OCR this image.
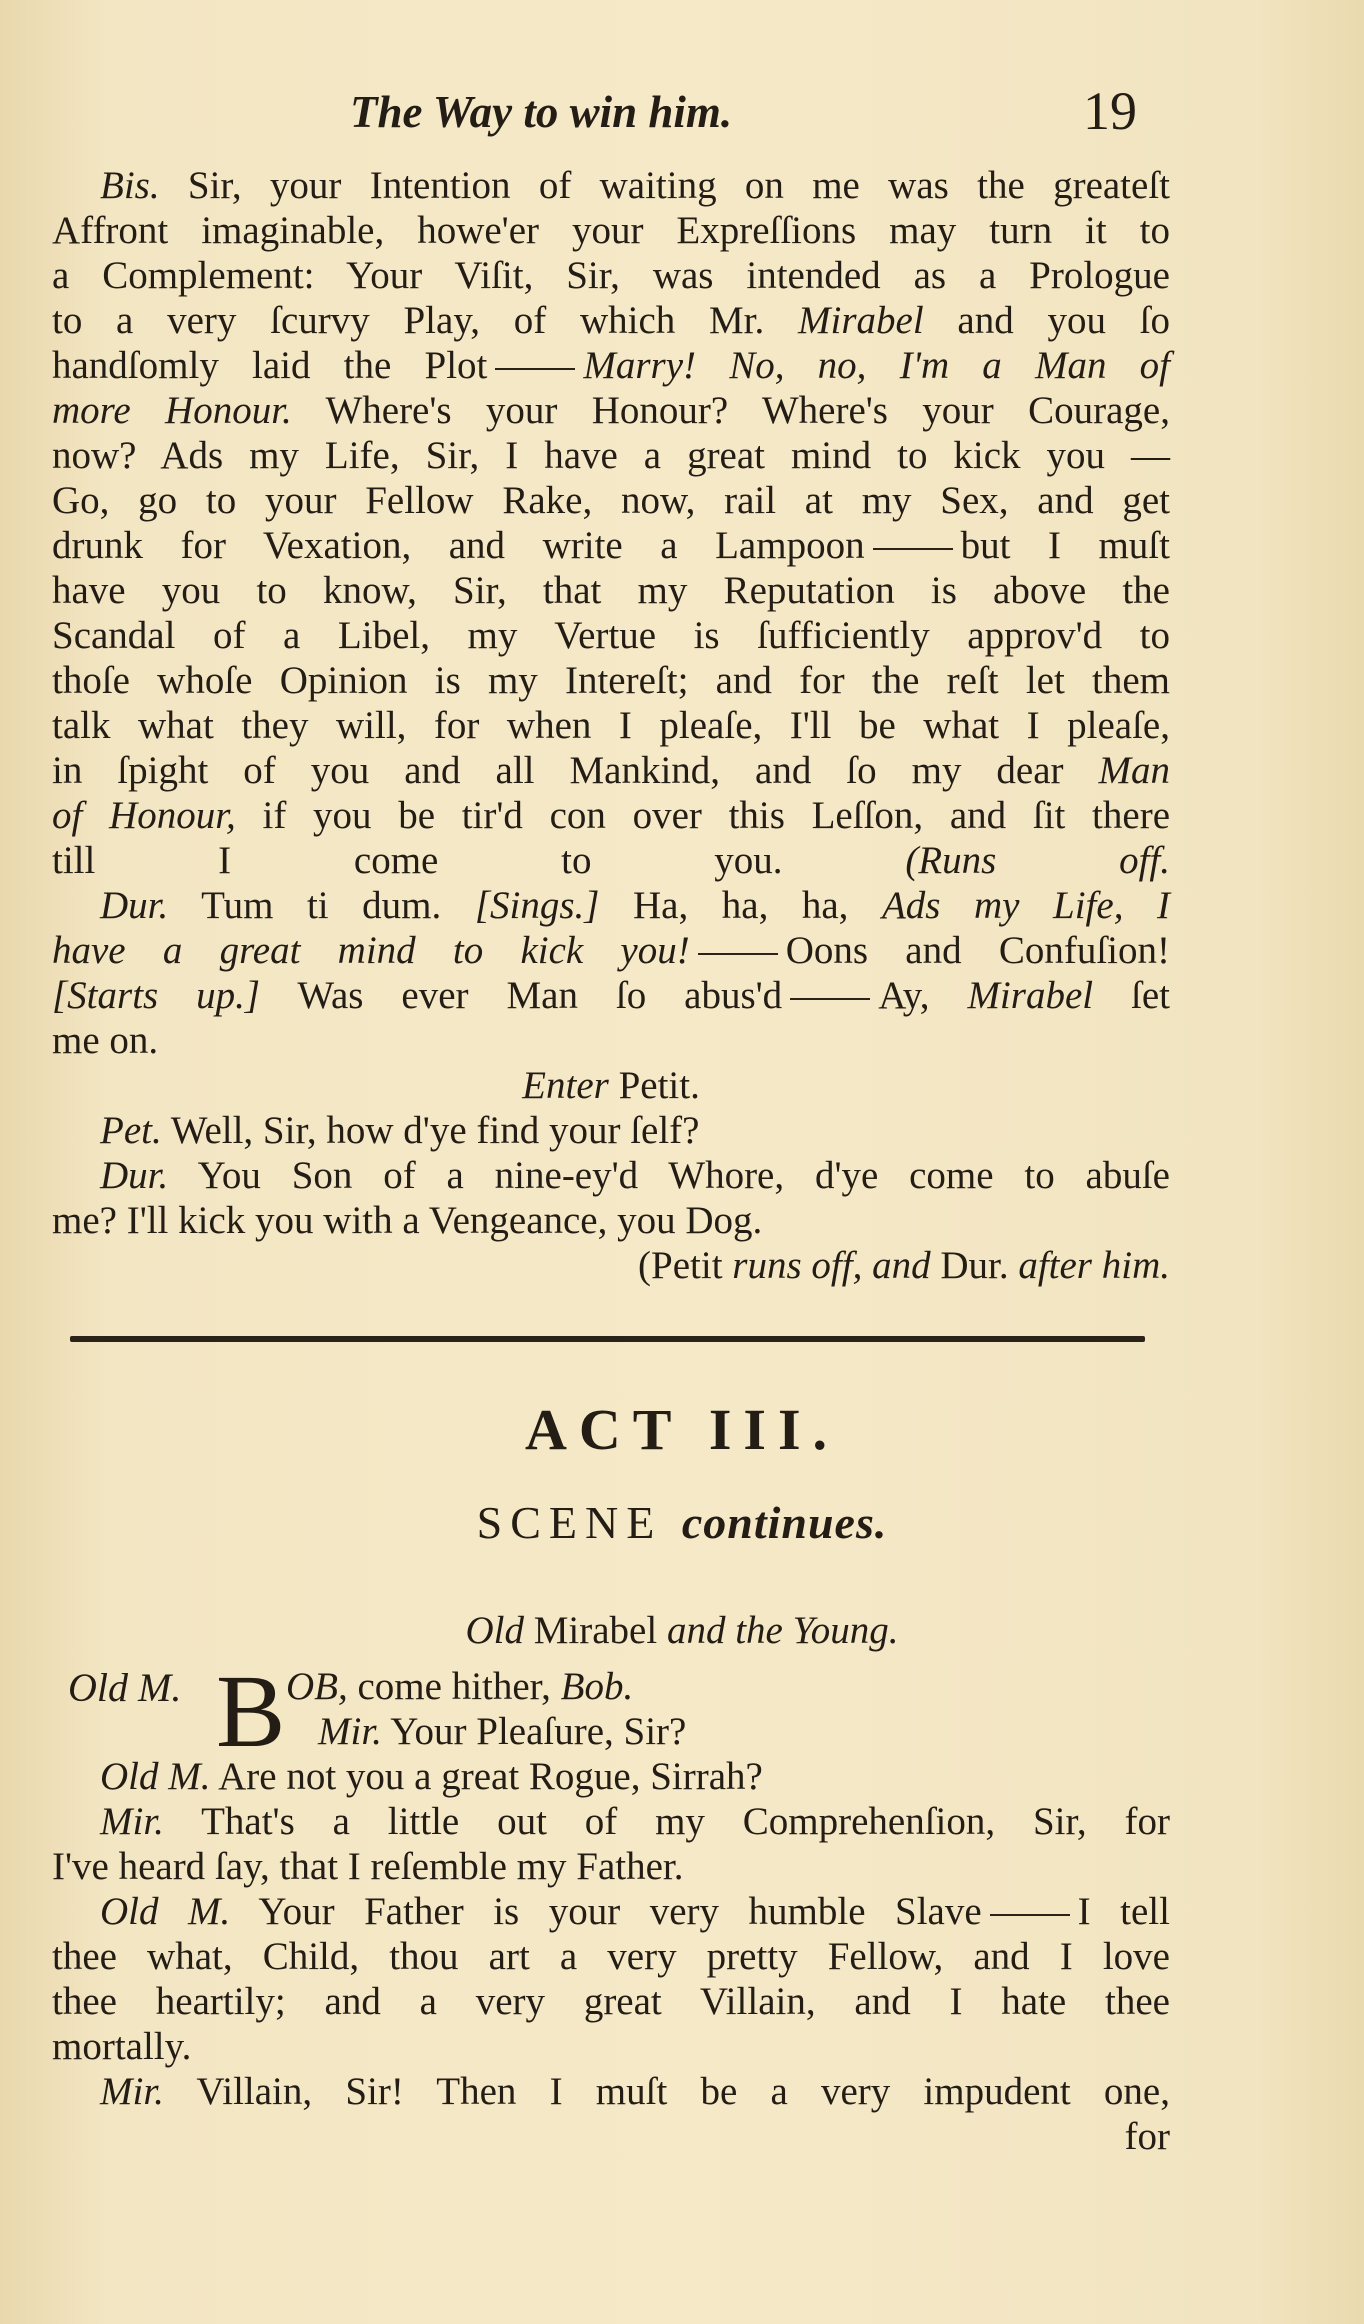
The Way to win him.	19
Bis. Sir, your Intention of waiting on me was the greateſt
Affront imaginable, howe'er your Expreſſions may turn it to
a Complement: Your Viſit, Sir, was intended as a Prologue
to a very ſcurvy Play, of which Mr. Mirabel and you ſo
handſomly laid the Plot Marry! No, no, I'm a Man of
more Honour. Where's your Honour? Where's your Courage,
now? Ads my Life, Sir, I have a great mind to kick you —
Go, go to your Fellow Rake, now, rail at my Sex, and get
drunk for Vexation, and write a Lampoon but I muſt
have you to know, Sir, that my Reputation is above the
Scandal of a Libel, my Vertue is ſufficiently approv'd to
thoſe whoſe Opinion is my Intereſt; and for the reſt let them
talk what they will, for when I pleaſe, I'll be what I pleaſe,
in ſpight of you and all Mankind, and ſo my dear Man
of Honour, if you be tir'd con over this Leſſon, and ſit there
till I come to you.	(Runs off.
Dur. Tum ti dum. [Sings.] Ha, ha, ha, Ads my Life, I
have a great mind to kick you! Oons and Confuſion!
[Starts up.] Was ever Man ſo abus'd Ay, Mirabel ſet
me on.
Enter Petit.
Pet. Well, Sir, how d'ye find your ſelf?
Dur. You Son of a nine-ey'd Whore, d'ye come to abuſe
me? I'll kick you with a Vengeance, you Dog.
(Petit runs off, and Dur. after him.
ACT III.
SCENE continues.
Old Mirabel and the Young.
Old M. B OB, come hither, Bob.
Mir. Your Pleaſure, Sir?
Old M. Are not you a great Rogue, Sirrah?
Mir. That's a little out of my Comprehenſion, Sir, for
I've heard ſay, that I reſemble my Father.
Old M. Your Father is your very humble Slave I tell
thee what, Child, thou art a very pretty Fellow, and I love
thee heartily; and a very great Villain, and I hate thee
mortally.
Mir. Villain, Sir! Then I muſt be a very impudent one,
for
